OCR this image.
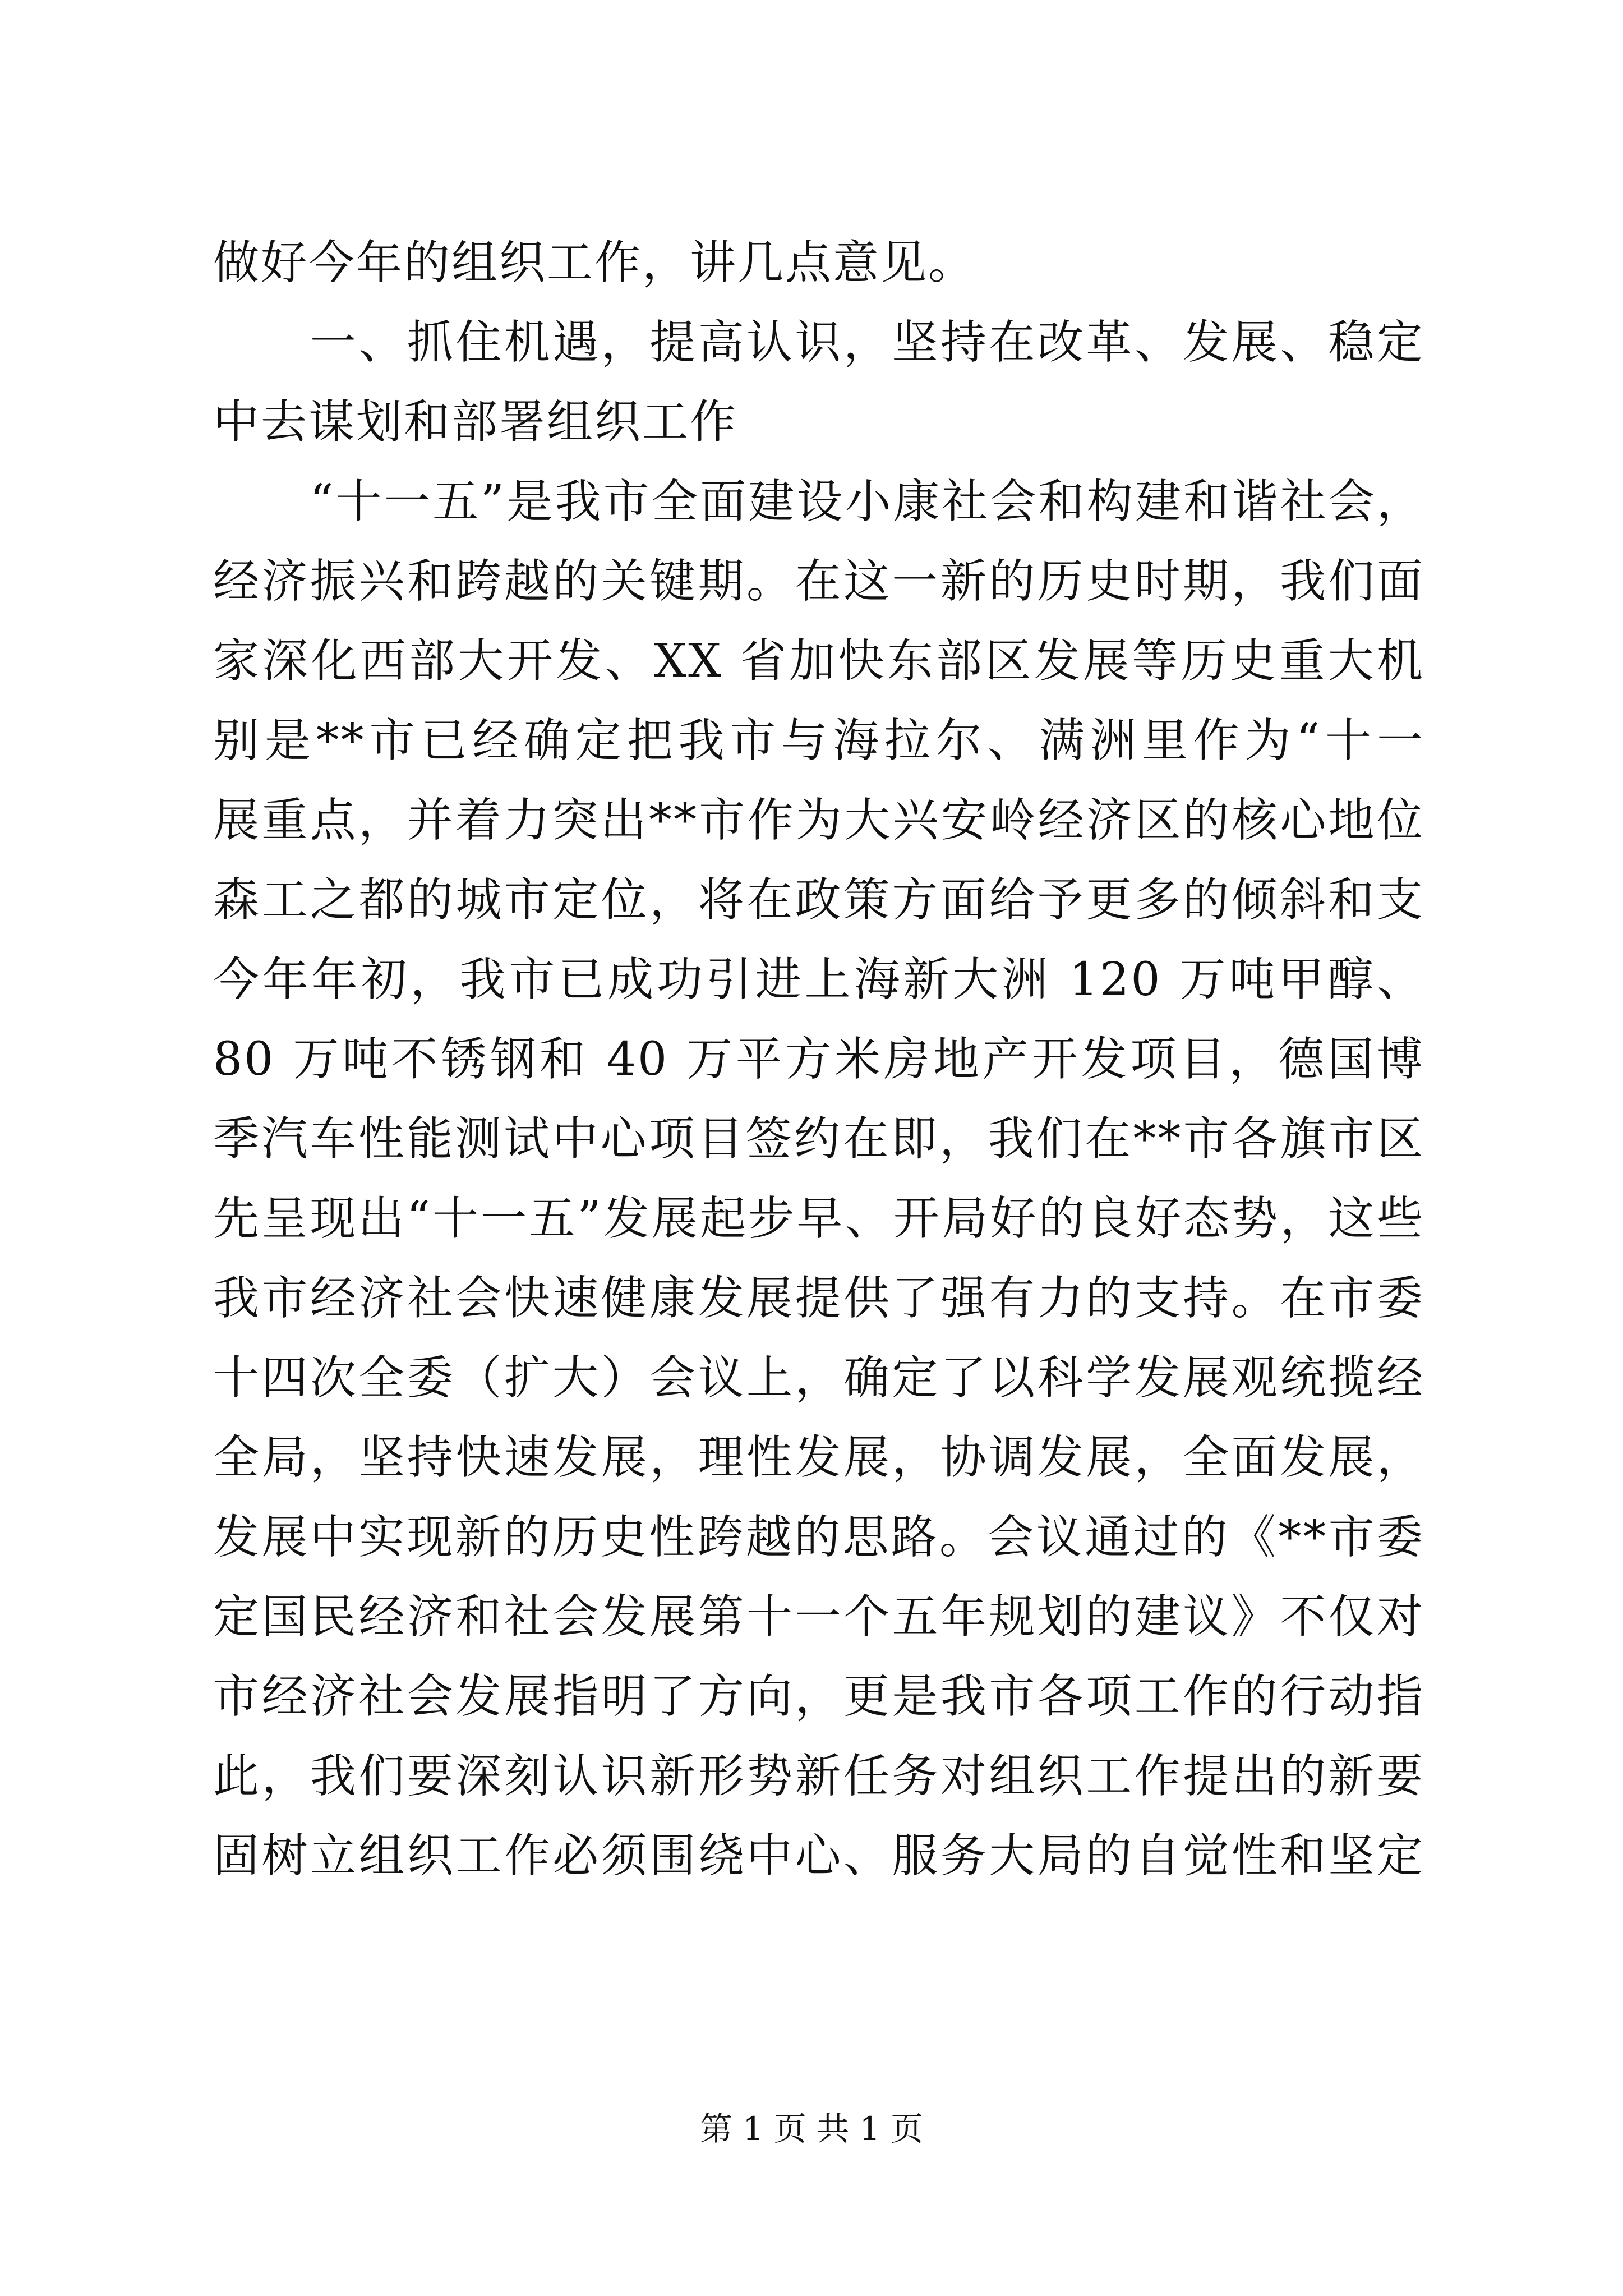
做好今年的组织工作，讲几点意见。
　　一、抓住机遇，提高认识，坚持在改革、发展、稳定
中去谋划和部署组织工作
　　“十一五”是我市全面建设小康社会和构建和谐社会，
经济振兴和跨越的关键期。在这一新的历史时期，我们面
家深化西部大开发、XX 省加快东部区发展等历史重大机
别是**市已经确定把我市与海拉尔、满洲里作为“十一
展重点，并着力突出**市作为大兴安岭经济区的核心地位
森工之都的城市定位，将在政策方面给予更多的倾斜和支
今年年初，我市已成功引进上海新大洲 120 万吨甲醇、
80 万吨不锈钢和 40 万平方米房地产开发项目，德国博
季汽车性能测试中心项目签约在即，我们在**市各旗市区
先呈现出“十一五”发展起步早、开局好的良好态势，这些
我市经济社会快速健康发展提供了强有力的支持。在市委
十四次全委（扩大）会议上，确定了以科学发展观统揽经
全局，坚持快速发展，理性发展，协调发展，全面发展，
发展中实现新的历史性跨越的思路。会议通过的《**市委
定国民经济和社会发展第十一个五年规划的建议》不仅对
市经济社会发展指明了方向，更是我市各项工作的行动指
此，我们要深刻认识新形势新任务对组织工作提出的新要
固树立组织工作必须围绕中心、服务大局的自觉性和坚定
第 1 页 共 1 页
